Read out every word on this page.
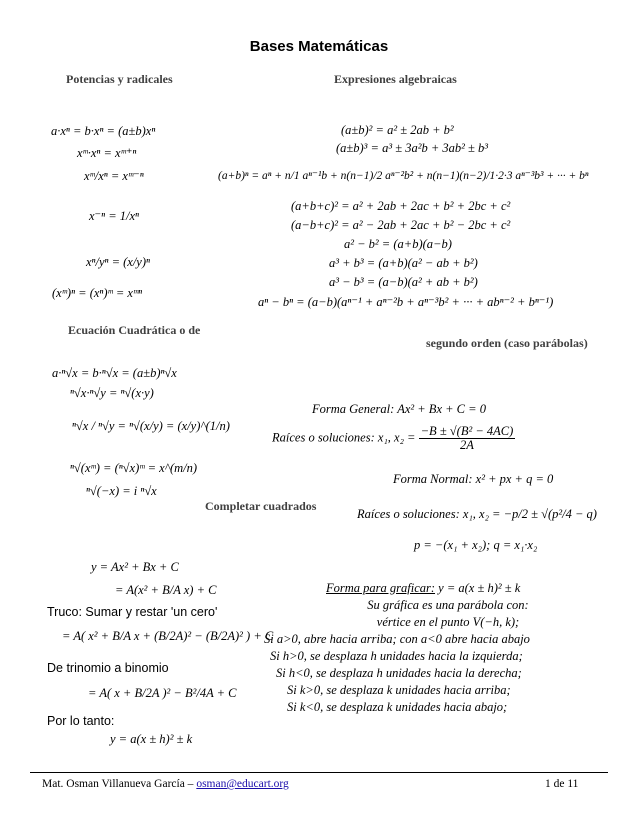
Bases Matemáticas
Potencias y radicales	Expresiones algebraicas
a·xⁿ = b·xⁿ = (a±b)xⁿ
xᵐ·xⁿ = xᵐ⁺ⁿ
xᵐ/xⁿ = xᵐ⁻ⁿ
x⁻ⁿ = 1/xⁿ
xⁿ/yⁿ = (x/y)ⁿ
(xᵐ)ⁿ = (xⁿ)ᵐ = xᵐⁿ
(a±b)² = a² ± 2ab + b²
(a±b)³ = a³ ± 3a²b + 3ab² ± b³
(a+b)ⁿ = aⁿ + n/1 aⁿ⁻¹b + n(n−1)/2 aⁿ⁻²b² + n(n−1)(n−2)/1·2·3 aⁿ⁻³b³ + ··· + bⁿ
(a+b+c)² = a² + 2ab + 2ac + b² + 2bc + c²
(a−b+c)² = a² − 2ab + 2ac + b² − 2bc + c²
a² − b² = (a+b)(a−b)
a³ + b³ = (a+b)(a² − ab + b²)
a³ − b³ = (a−b)(a² + ab + b²)
aⁿ − bⁿ = (a−b)(aⁿ⁻¹ + aⁿ⁻²b + aⁿ⁻³b² + ··· + abⁿ⁻² + bⁿ⁻¹)
Ecuación Cuadrática o de
segundo orden (caso parábolas)
a·ⁿ√x = b·ⁿ√x = (a±b)ⁿ√x
ⁿ√x·ⁿ√y = ⁿ√(x·y)
ⁿ√x / ⁿ√y = ⁿ√(x/y) = (x/y)^(1/n)
ⁿ√(xᵐ) = (ⁿ√x)ᵐ = x^(m/n)
ⁿ√(−x) = i ⁿ√x
Forma General: Ax² + Bx + C = 0
Raíces o soluciones: x₁, $x_2 = \frac{\text{−B ± √(B² − 4AC)}}{2A}$
Forma Normal: x² + px + q = 0
Raíces o soluciones: x₁, x₂ = −p/2 ± √(p²/4 − q)
p = −(x₁ + x₂); q = x₁·x₂
Completar cuadrados
y = Ax² + Bx + C
= A(x² + B/A x) + C
Truco: Sumar y restar 'un cero'
= A( x² + B/A x + (B/2A)² − (B/2A)² ) + C
De trinomio a binomio
= A( x + B/2A )² − B²/4A + C
Por lo tanto:
y = a(x ± h)² ± k
Forma para graficar: y = a(x ± h)² ± k
Su gráfica es una parábola con:
vértice en el punto V(−h, k);
Si a>0, abre hacia arriba; con a<0 abre hacia abajo
Si h>0, se desplaza h unidades hacia la izquierda;
Si h<0, se desplaza h unidades hacia la derecha;
Si k>0, se desplaza k unidades hacia arriba;
Si k<0, se desplaza k unidades hacia abajo;
Mat. Osman Villanueva García – osman@educart.org	1 de 11
